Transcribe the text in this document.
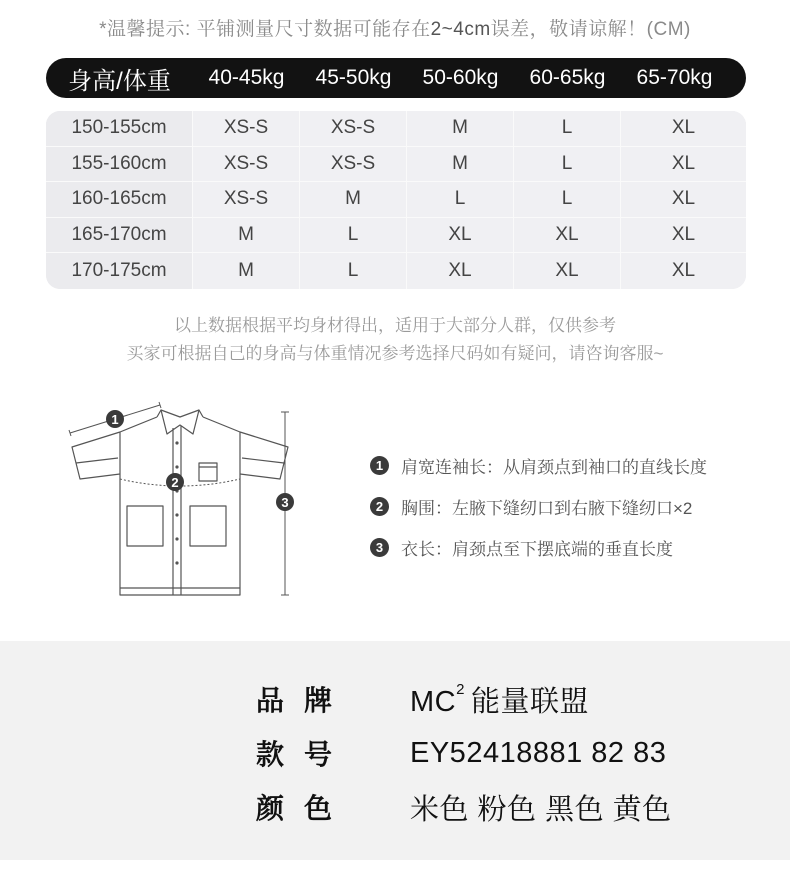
*温馨提示: 平铺测量尺寸数据可能存在2~4cm误差，敬请谅解！(CM)
身高/体重	40-45kg	45-50kg	50-60kg	60-65kg	65-70kg
150-155cm	XS-S	XS-S	M	L	XL
155-160cm	XS-S	XS-S	M	L	XL
160-165cm	XS-S	M	L	L	XL
165-170cm	M	L	XL	XL	XL
170-175cm	M	L	XL	XL	XL
以上数据根据平均身材得出，适用于大部分人群，仅供参考
买家可根据自己的身高与体重情况参考选择尺码如有疑问，请咨询客服~
1
2
3
1	肩宽连袖长：从肩颈点到袖口的直线长度
2	胸围：左腋下缝纫口到右腋下缝纫口×2
3	衣长：肩颈点至下摆底端的垂直长度
品牌	$MC^2$ 能量联盟
款号	EY52418881 82 83
颜色	米色 粉色 黑色 黄色
